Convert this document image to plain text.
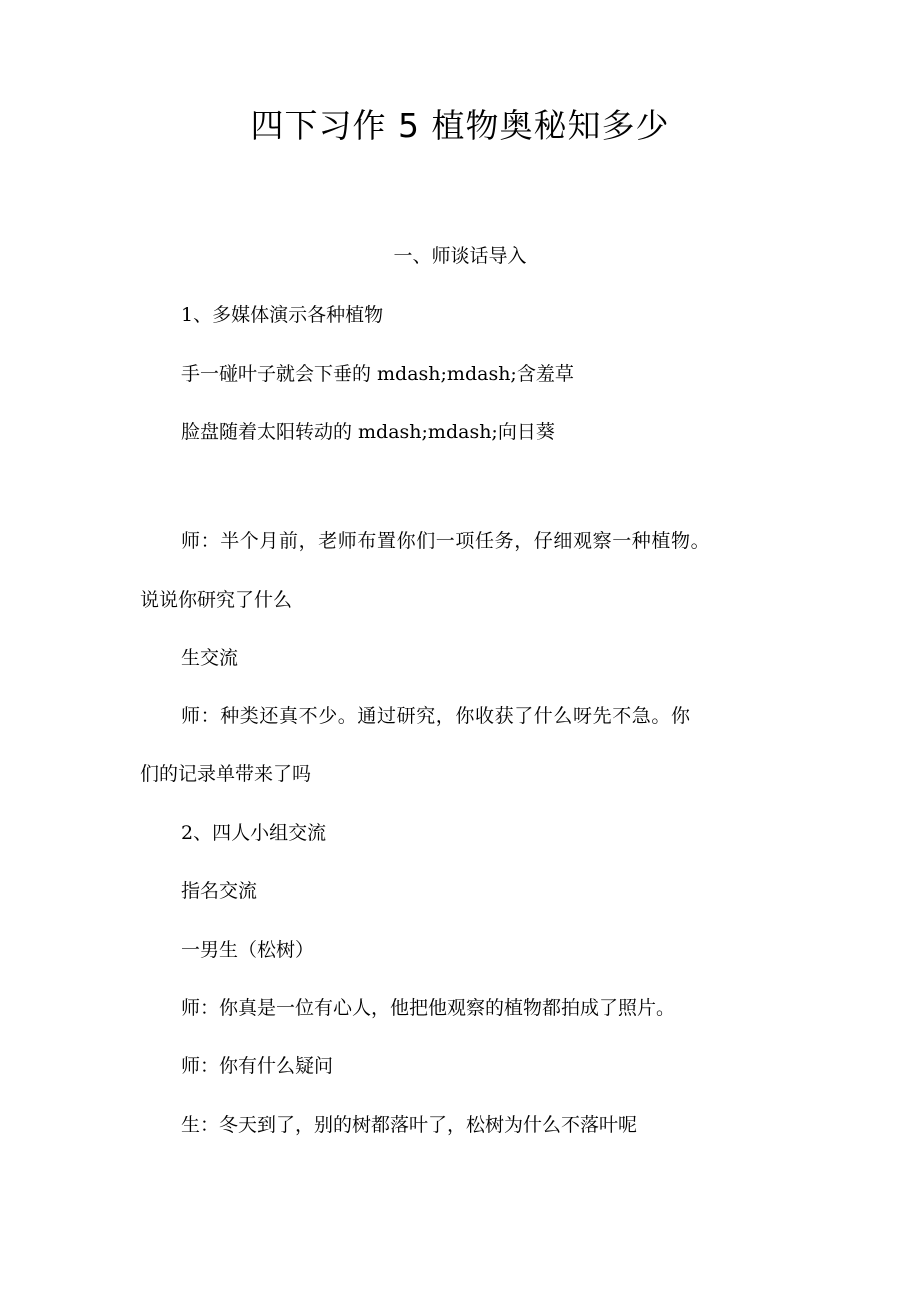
四下习作 5 植物奥秘知多少
一、师谈话导入
1、多媒体演示各种植物
手一碰叶子就会下垂的 mdash;mdash;含羞草
脸盘随着太阳转动的 mdash;mdash;向日葵
师：半个月前，老师布置你们一项任务，仔细观察一种植物。
说说你研究了什么
生交流
师：种类还真不少。通过研究，你收获了什么呀先不急。你
们的记录单带来了吗
2、四人小组交流
指名交流
一男生（松树）
师：你真是一位有心人，他把他观察的植物都拍成了照片。
师：你有什么疑问
生：冬天到了，别的树都落叶了，松树为什么不落叶呢
